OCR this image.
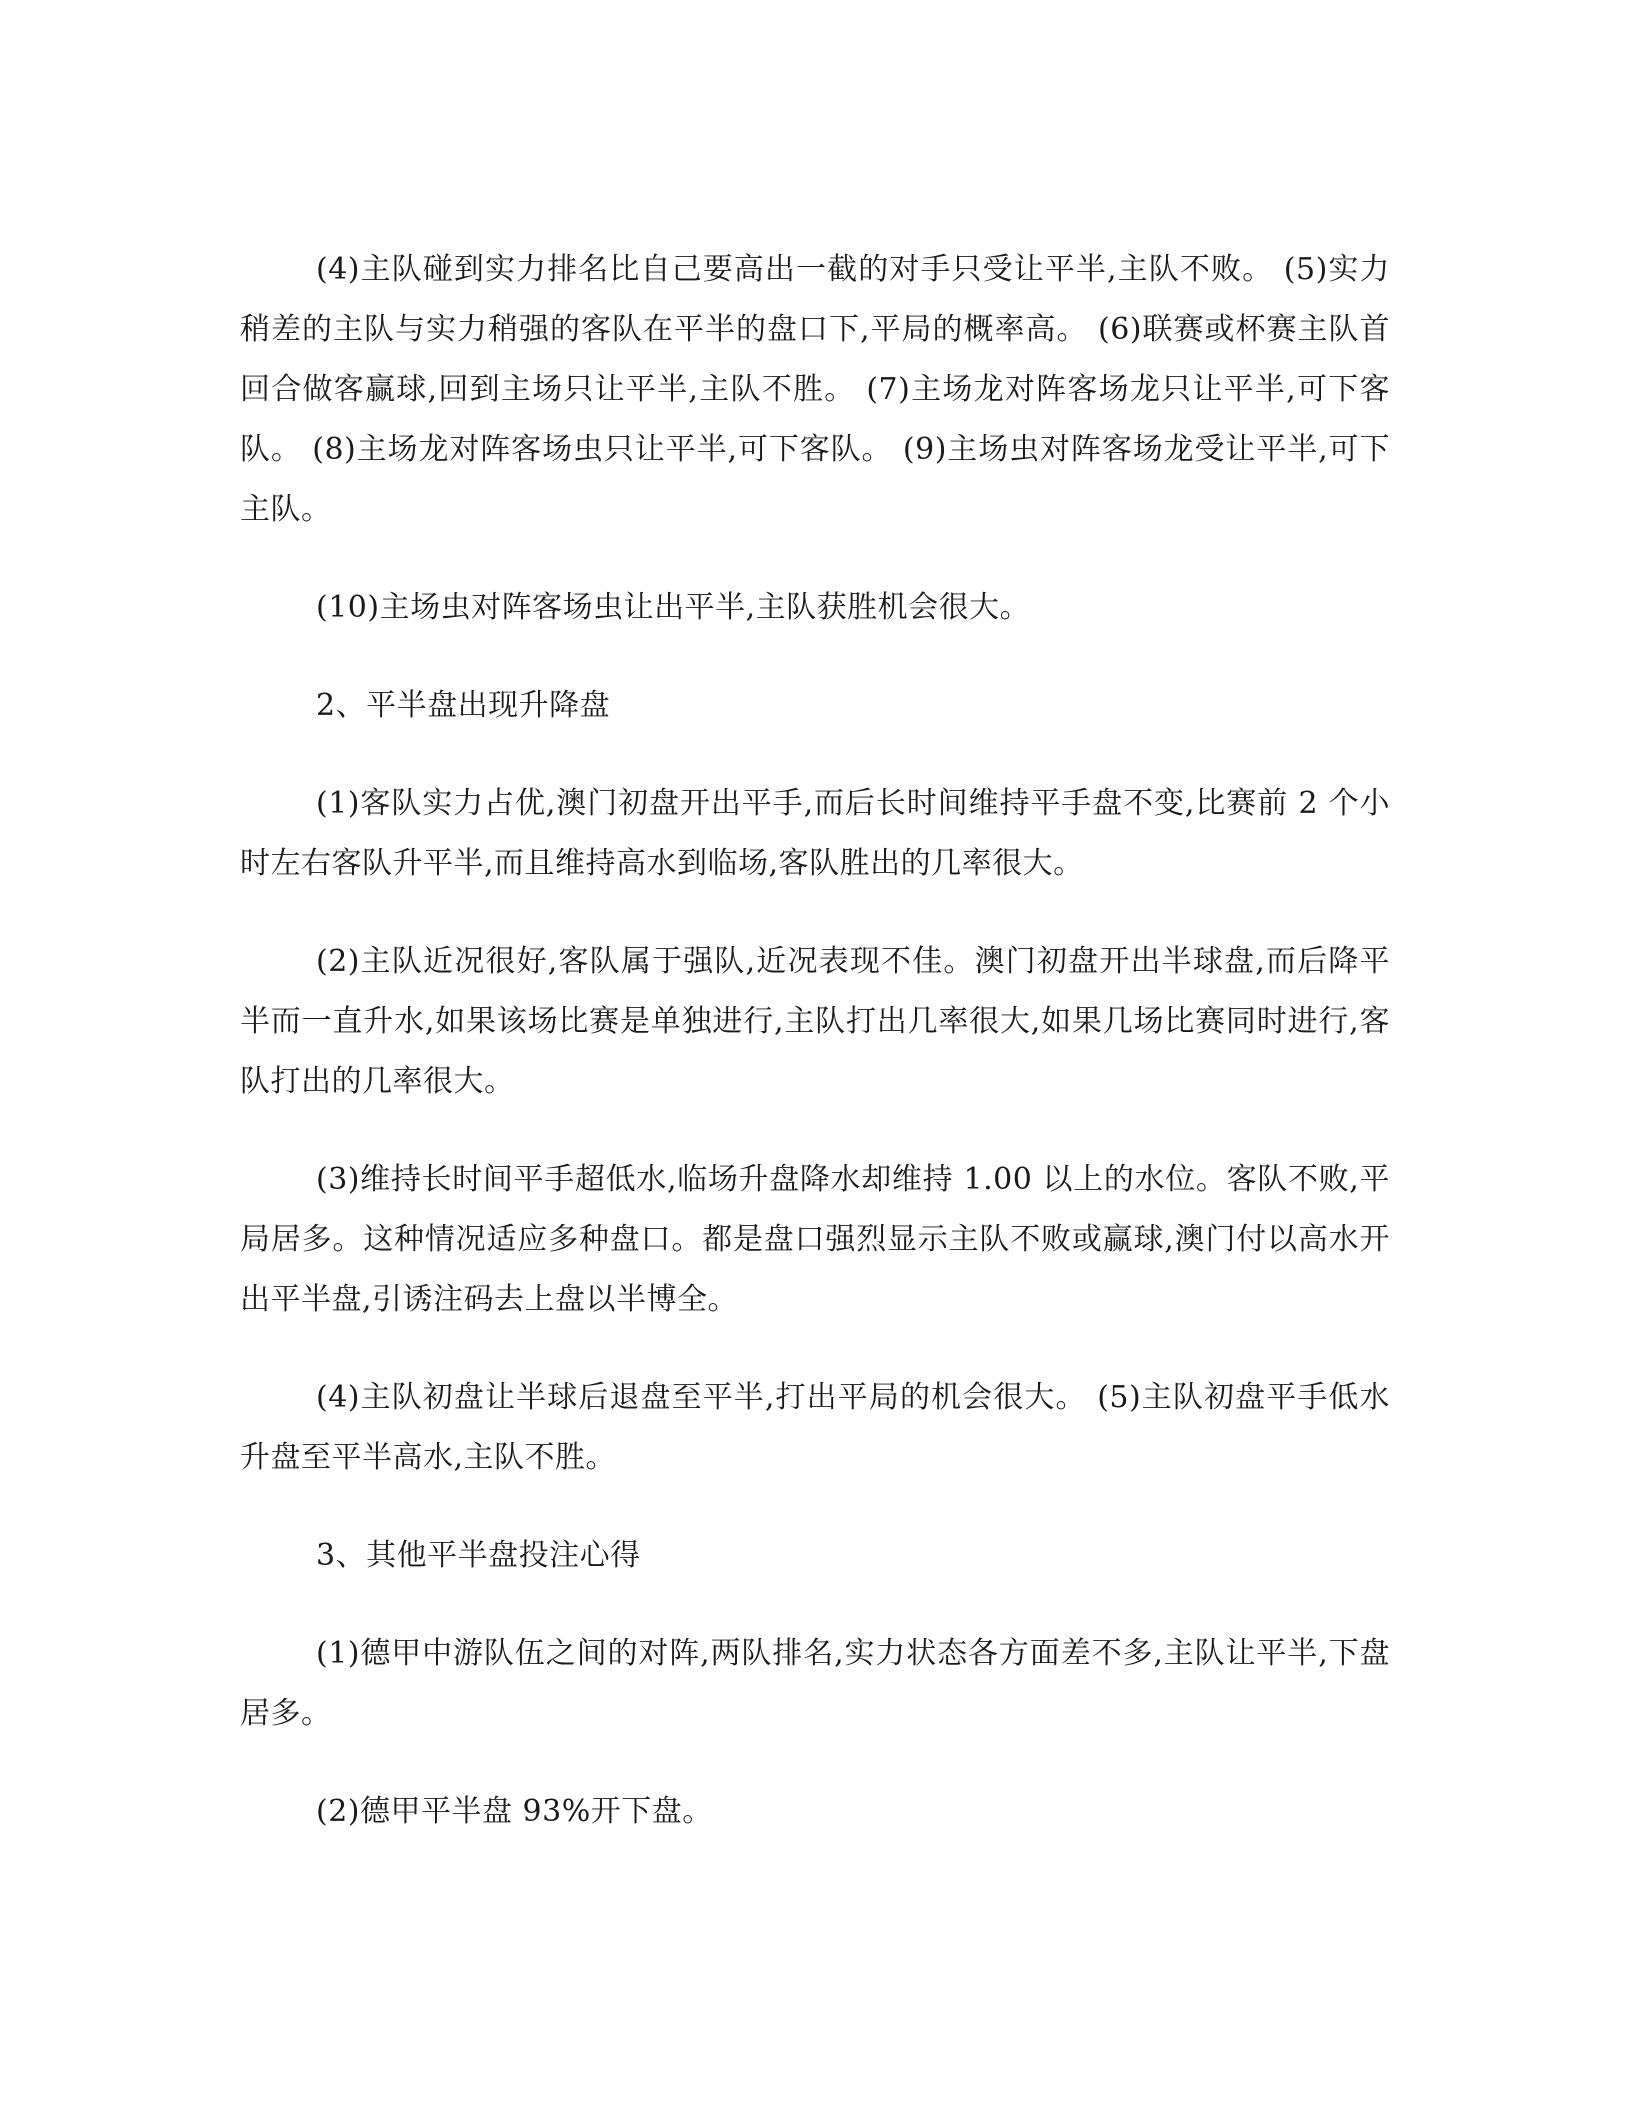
(4)主队碰到实力排名比自己要高出一截的对手只受让平半,主队不败。 (5)实力稍差的主队与实力稍强的客队在平半的盘口下,平局的概率高。 (6)联赛或杯赛主队首回合做客赢球,回到主场只让平半,主队不胜。 (7)主场龙对阵客场龙只让平半,可下客队。 (8)主场龙对阵客场虫只让平半,可下客队。 (9)主场虫对阵客场龙受让平半,可下主队。

(10)主场虫对阵客场虫让出平半,主队获胜机会很大。

2、平半盘出现升降盘

(1)客队实力占优,澳门初盘开出平手,而后长时间维持平手盘不变,比赛前 2 个小时左右客队升平半,而且维持高水到临场,客队胜出的几率很大。

(2)主队近况很好,客队属于强队,近况表现不佳。澳门初盘开出半球盘,而后降平半而一直升水,如果该场比赛是单独进行,主队打出几率很大,如果几场比赛同时进行,客队打出的几率很大。

(3)维持长时间平手超低水,临场升盘降水却维持 1.00 以上的水位。客队不败,平局居多。这种情况适应多种盘口。都是盘口强烈显示主队不败或赢球,澳门付以高水开出平半盘,引诱注码去上盘以半博全。

(4)主队初盘让半球后退盘至平半,打出平局的机会很大。 (5)主队初盘平手低水升盘至平半高水,主队不胜。

3、其他平半盘投注心得

(1)德甲中游队伍之间的对阵,两队排名,实力状态各方面差不多,主队让平半,下盘居多。

(2)德甲平半盘 93%开下盘。
